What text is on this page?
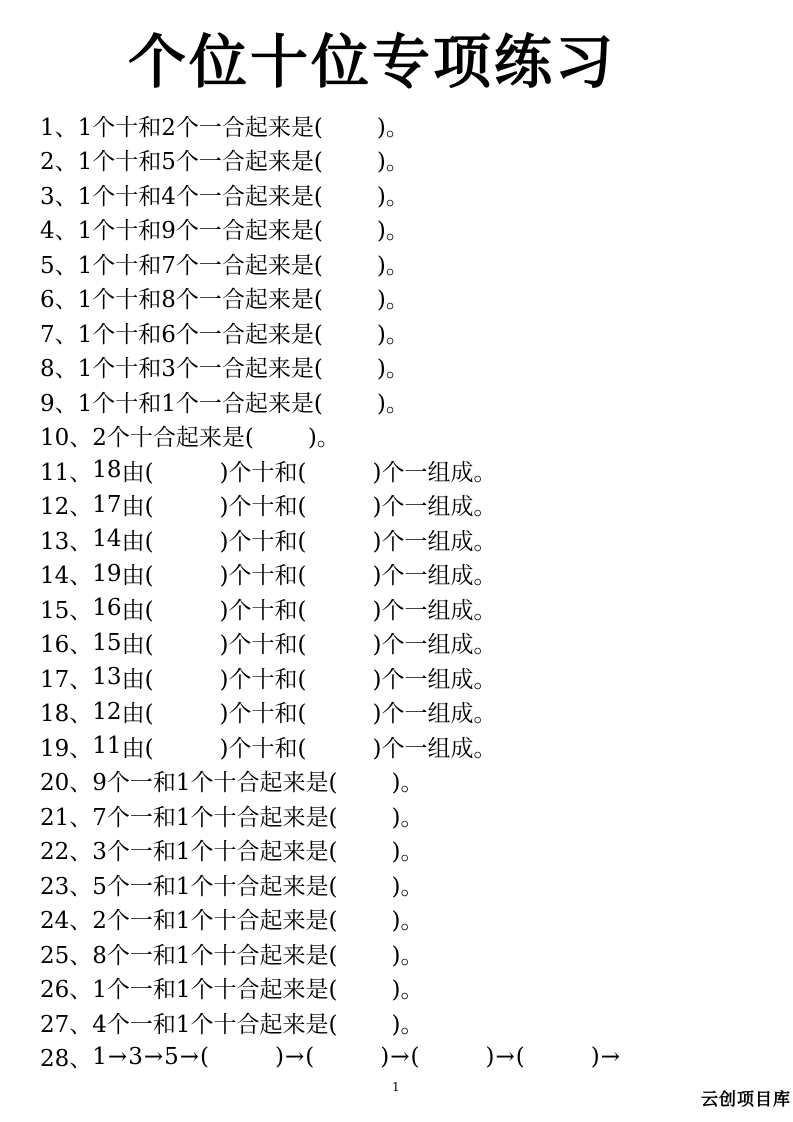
个位十位专项练习
1、 1个十和2个一合起来是( )。
2、 1个十和5个一合起来是( )。
3、 1个十和4个一合起来是( )。
4、 1个十和9个一合起来是( )。
5、 1个十和7个一合起来是( )。
6、 1个十和8个一合起来是( )。
7、 1个十和6个一合起来是( )。
8、 1个十和3个一合起来是( )。
9、 1个十和1个一合起来是( )。
10、 2个十合起来是( )。
11、 18 由(	)个十和(	)个一组成。
12、 17 由(	)个十和(	)个一组成。
13、 14 由(	)个十和(	)个一组成。
14、 19 由(	)个十和(	)个一组成。
15、 16 由(	)个十和(	)个一组成。
16、 15 由(	)个十和(	)个一组成。
17、 13 由(	)个十和(	)个一组成。
18、 12 由(	)个十和(	)个一组成。
19、 11 由(	)个十和(	)个一组成。
20、 9个一和1个十合起来是( )。
21、 7个一和1个十合起来是( )。
22、 3个一和1个十合起来是( )。
23、 5个一和1个十合起来是( )。
24、 2个一和1个十合起来是( )。
25、 8个一和1个十合起来是( )。
26、 1个一和1个十合起来是( )。
27、 4个一和1个十合起来是( )。
28、 1 → 3 → 5 → (	) → (	) → (	) → (	) →
1
云创项目库
